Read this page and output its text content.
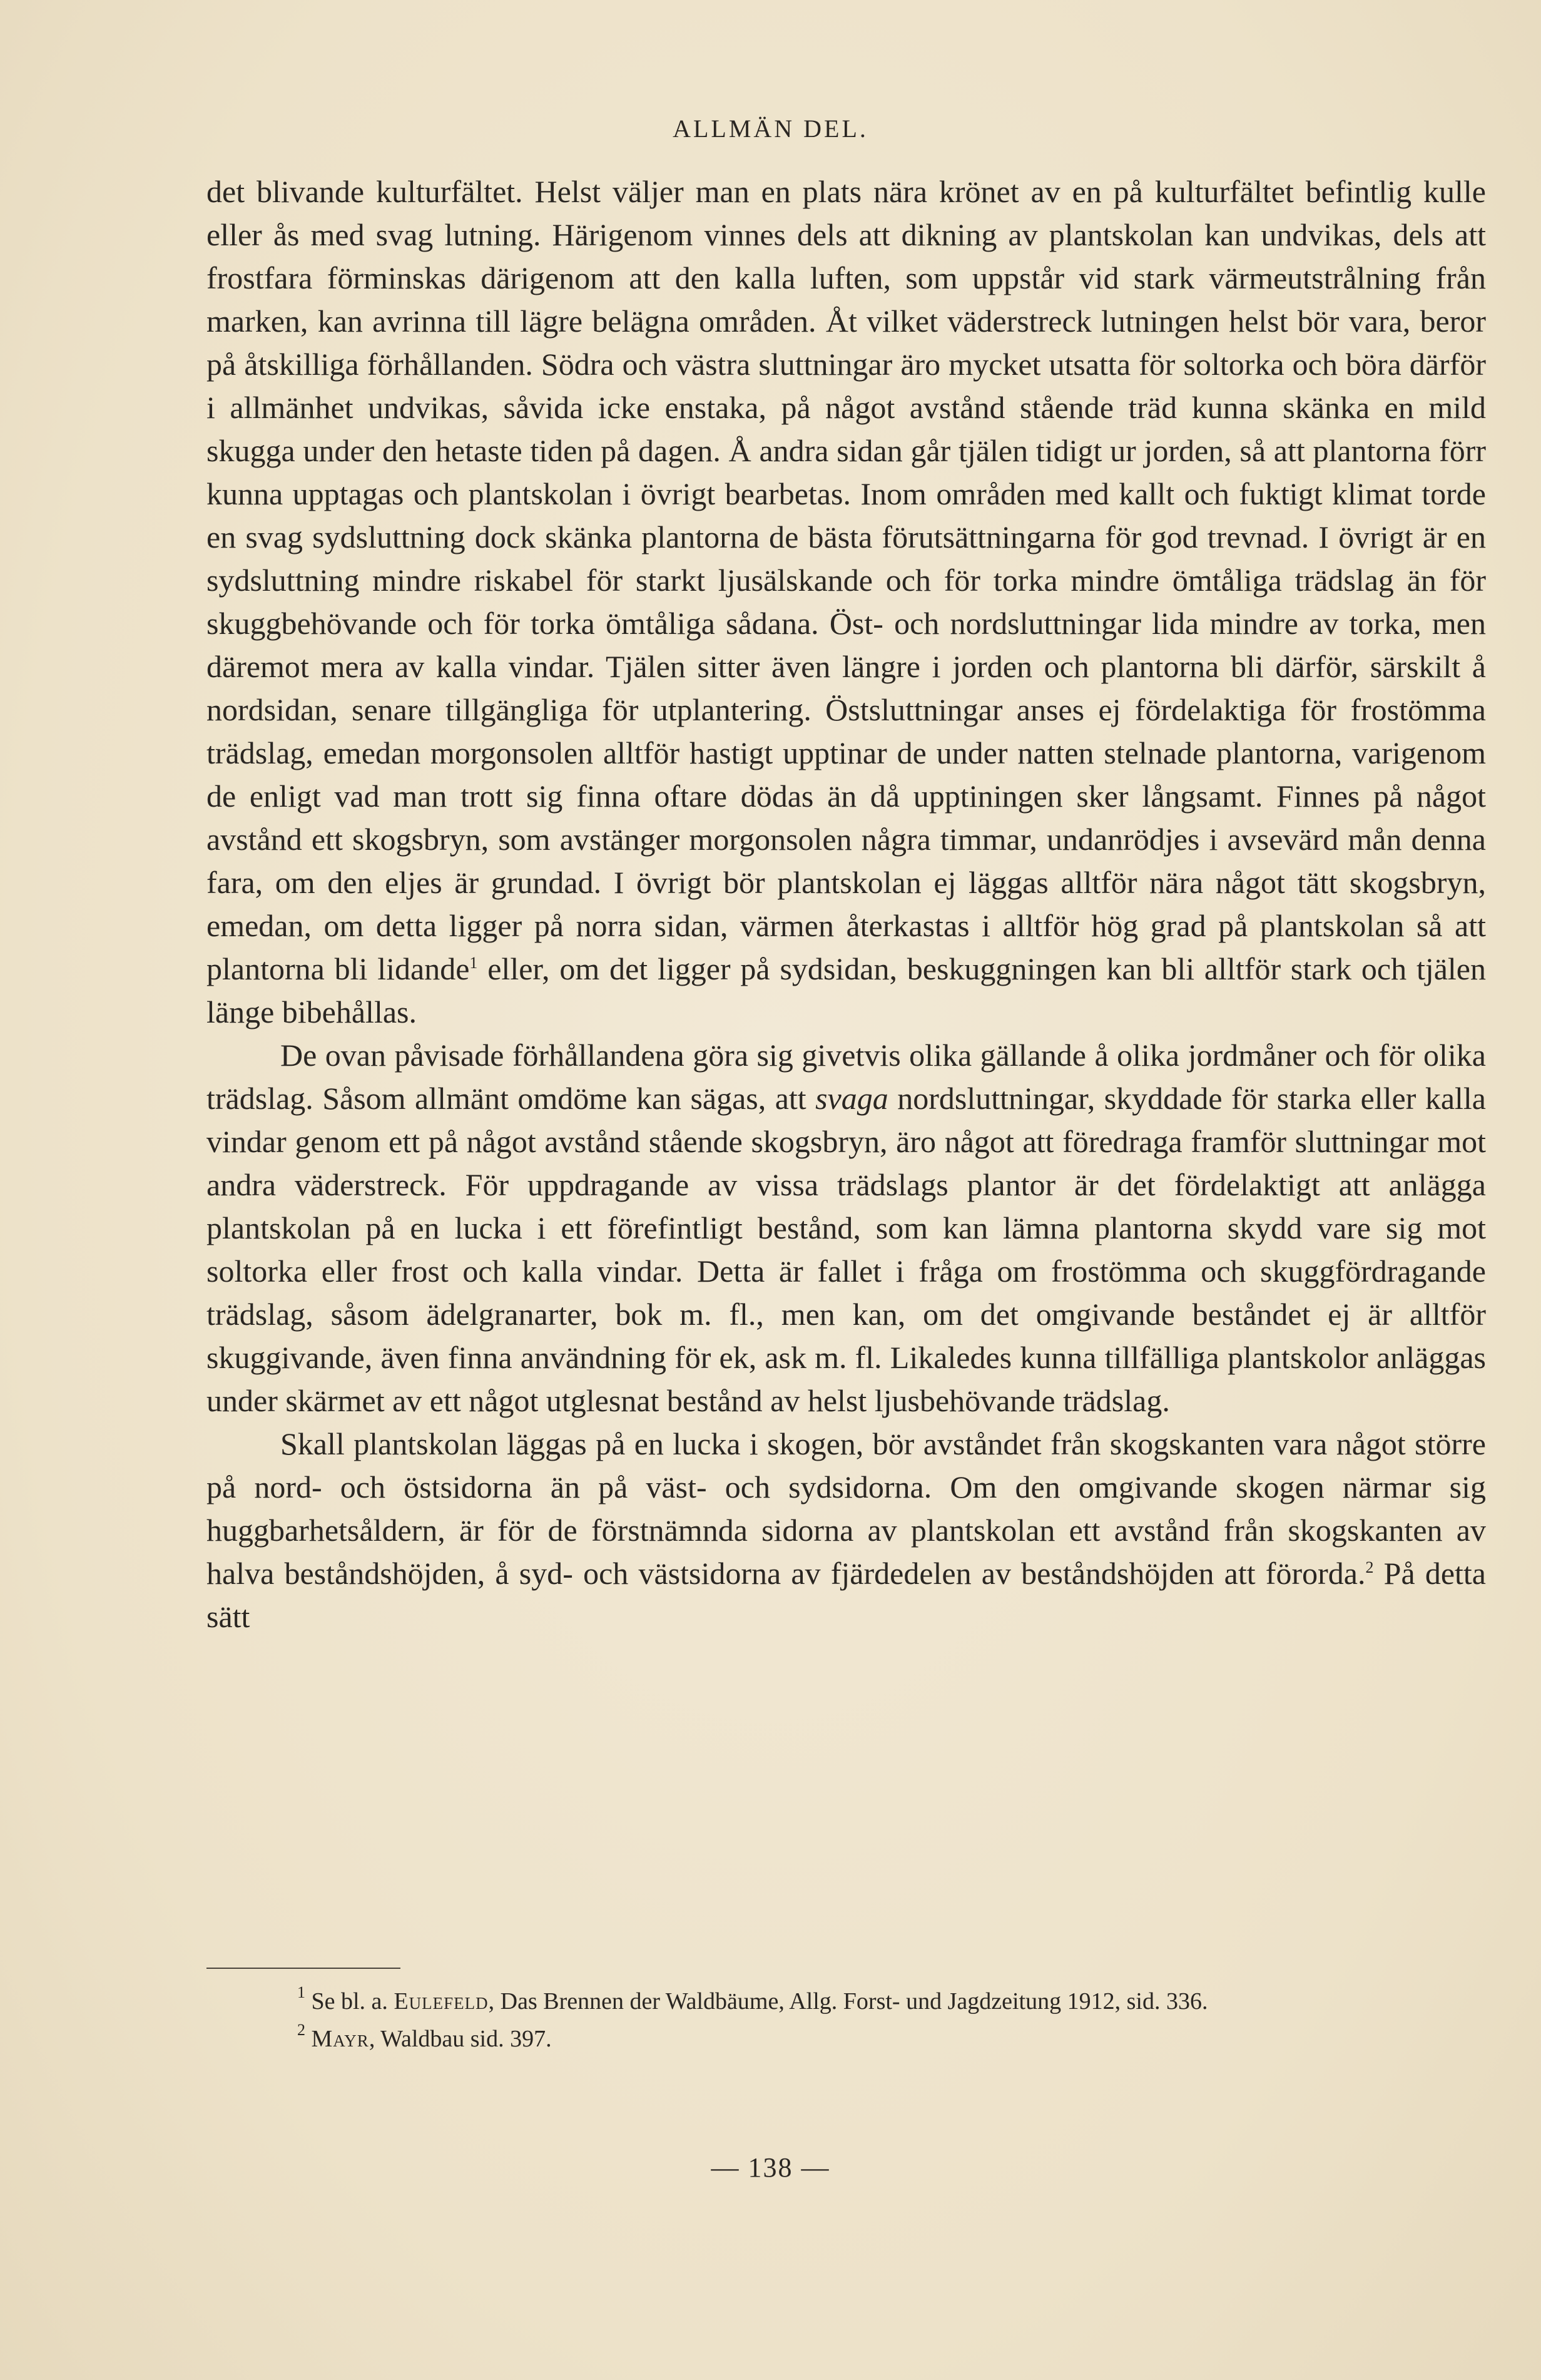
ALLMÄN DEL.

det blivande kulturfältet. Helst väljer man en plats nära krönet av en på kulturfältet befintlig kulle eller ås med svag lutning. Härigenom vinnes dels att dikning av plantskolan kan undvikas, dels att frostfara förminskas därigenom att den kalla luften, som uppstår vid stark värmeutstrålning från marken, kan avrinna till lägre belägna områden. Åt vilket väderstreck lutningen helst bör vara, beror på åtskilliga förhållanden. Södra och västra sluttningar äro mycket utsatta för soltorka och böra därför i allmänhet undvikas, såvida icke enstaka, på något avstånd stående träd kunna skänka en mild skugga under den hetaste tiden på dagen. Å andra sidan går tjälen tidigt ur jorden, så att plantorna förr kunna upptagas och plantskolan i övrigt bearbetas. Inom områden med kallt och fuktigt klimat torde en svag sydsluttning dock skänka plantorna de bästa förutsättningarna för god trevnad. I övrigt är en sydsluttning mindre riskabel för starkt ljusälskande och för torka mindre ömtåliga trädslag än för skuggbehövande och för torka ömtåliga sådana. Öst- och nordsluttningar lida mindre av torka, men däremot mera av kalla vindar. Tjälen sitter även längre i jorden och plantorna bli därför, särskilt å nordsidan, senare tillgängliga för utplantering. Östsluttningar anses ej fördelaktiga för frostömma trädslag, emedan morgonsolen alltför hastigt upptinar de under natten stelnade plantorna, varigenom de enligt vad man trott sig finna oftare dödas än då upptiningen sker långsamt. Finnes på något avstånd ett skogsbryn, som avstänger morgonsolen några timmar, undanrödjes i avsevärd mån denna fara, om den eljes är grundad. I övrigt bör plantskolan ej läggas alltför nära något tätt skogsbryn, emedan, om detta ligger på norra sidan, värmen återkastas i alltför hög grad på plantskolan så att plantorna bli lidande$^1$ eller, om det ligger på sydsidan, beskuggningen kan bli alltför stark och tjälen länge bibehållas.

De ovan påvisade förhållandena göra sig givetvis olika gällande å olika jordmåner och för olika trädslag. Såsom allmänt omdöme kan sägas, att svaga nordsluttningar, skyddade för starka eller kalla vindar genom ett på något avstånd stående skogsbryn, äro något att föredraga framför sluttningar mot andra väderstreck. För uppdragande av vissa trädslags plantor är det fördelaktigt att anlägga plantskolan på en lucka i ett förefintligt bestånd, som kan lämna plantorna skydd vare sig mot soltorka eller frost och kalla vindar. Detta är fallet i fråga om frostömma och skuggfördragande trädslag, såsom ädelgranarter, bok m. fl., men kan, om det omgivande beståndet ej är alltför skuggivande, även finna användning för ek, ask m. fl. Likaledes kunna tillfälliga plantskolor anläggas under skärmet av ett något utglesnat bestånd av helst ljusbehövande trädslag.

Skall plantskolan läggas på en lucka i skogen, bör avståndet från skogskanten vara något större på nord- och östsidorna än på väst- och sydsidorna. Om den omgivande skogen närmar sig huggbarhetsåldern, är för de förstnämnda sidorna av plantskolan ett avstånd från skogskanten av halva beståndshöjden, å syd- och västsidorna av fjärdedelen av beståndshöjden att förorda.$^2$ På detta sätt

$^1$ Se bl. a. Eulefeld, Das Brennen der Waldbäume, Allg. Forst- und Jagdzeitung 1912, sid. 336.

$^2$ Mayr, Waldbau sid. 397.

— 138 —
